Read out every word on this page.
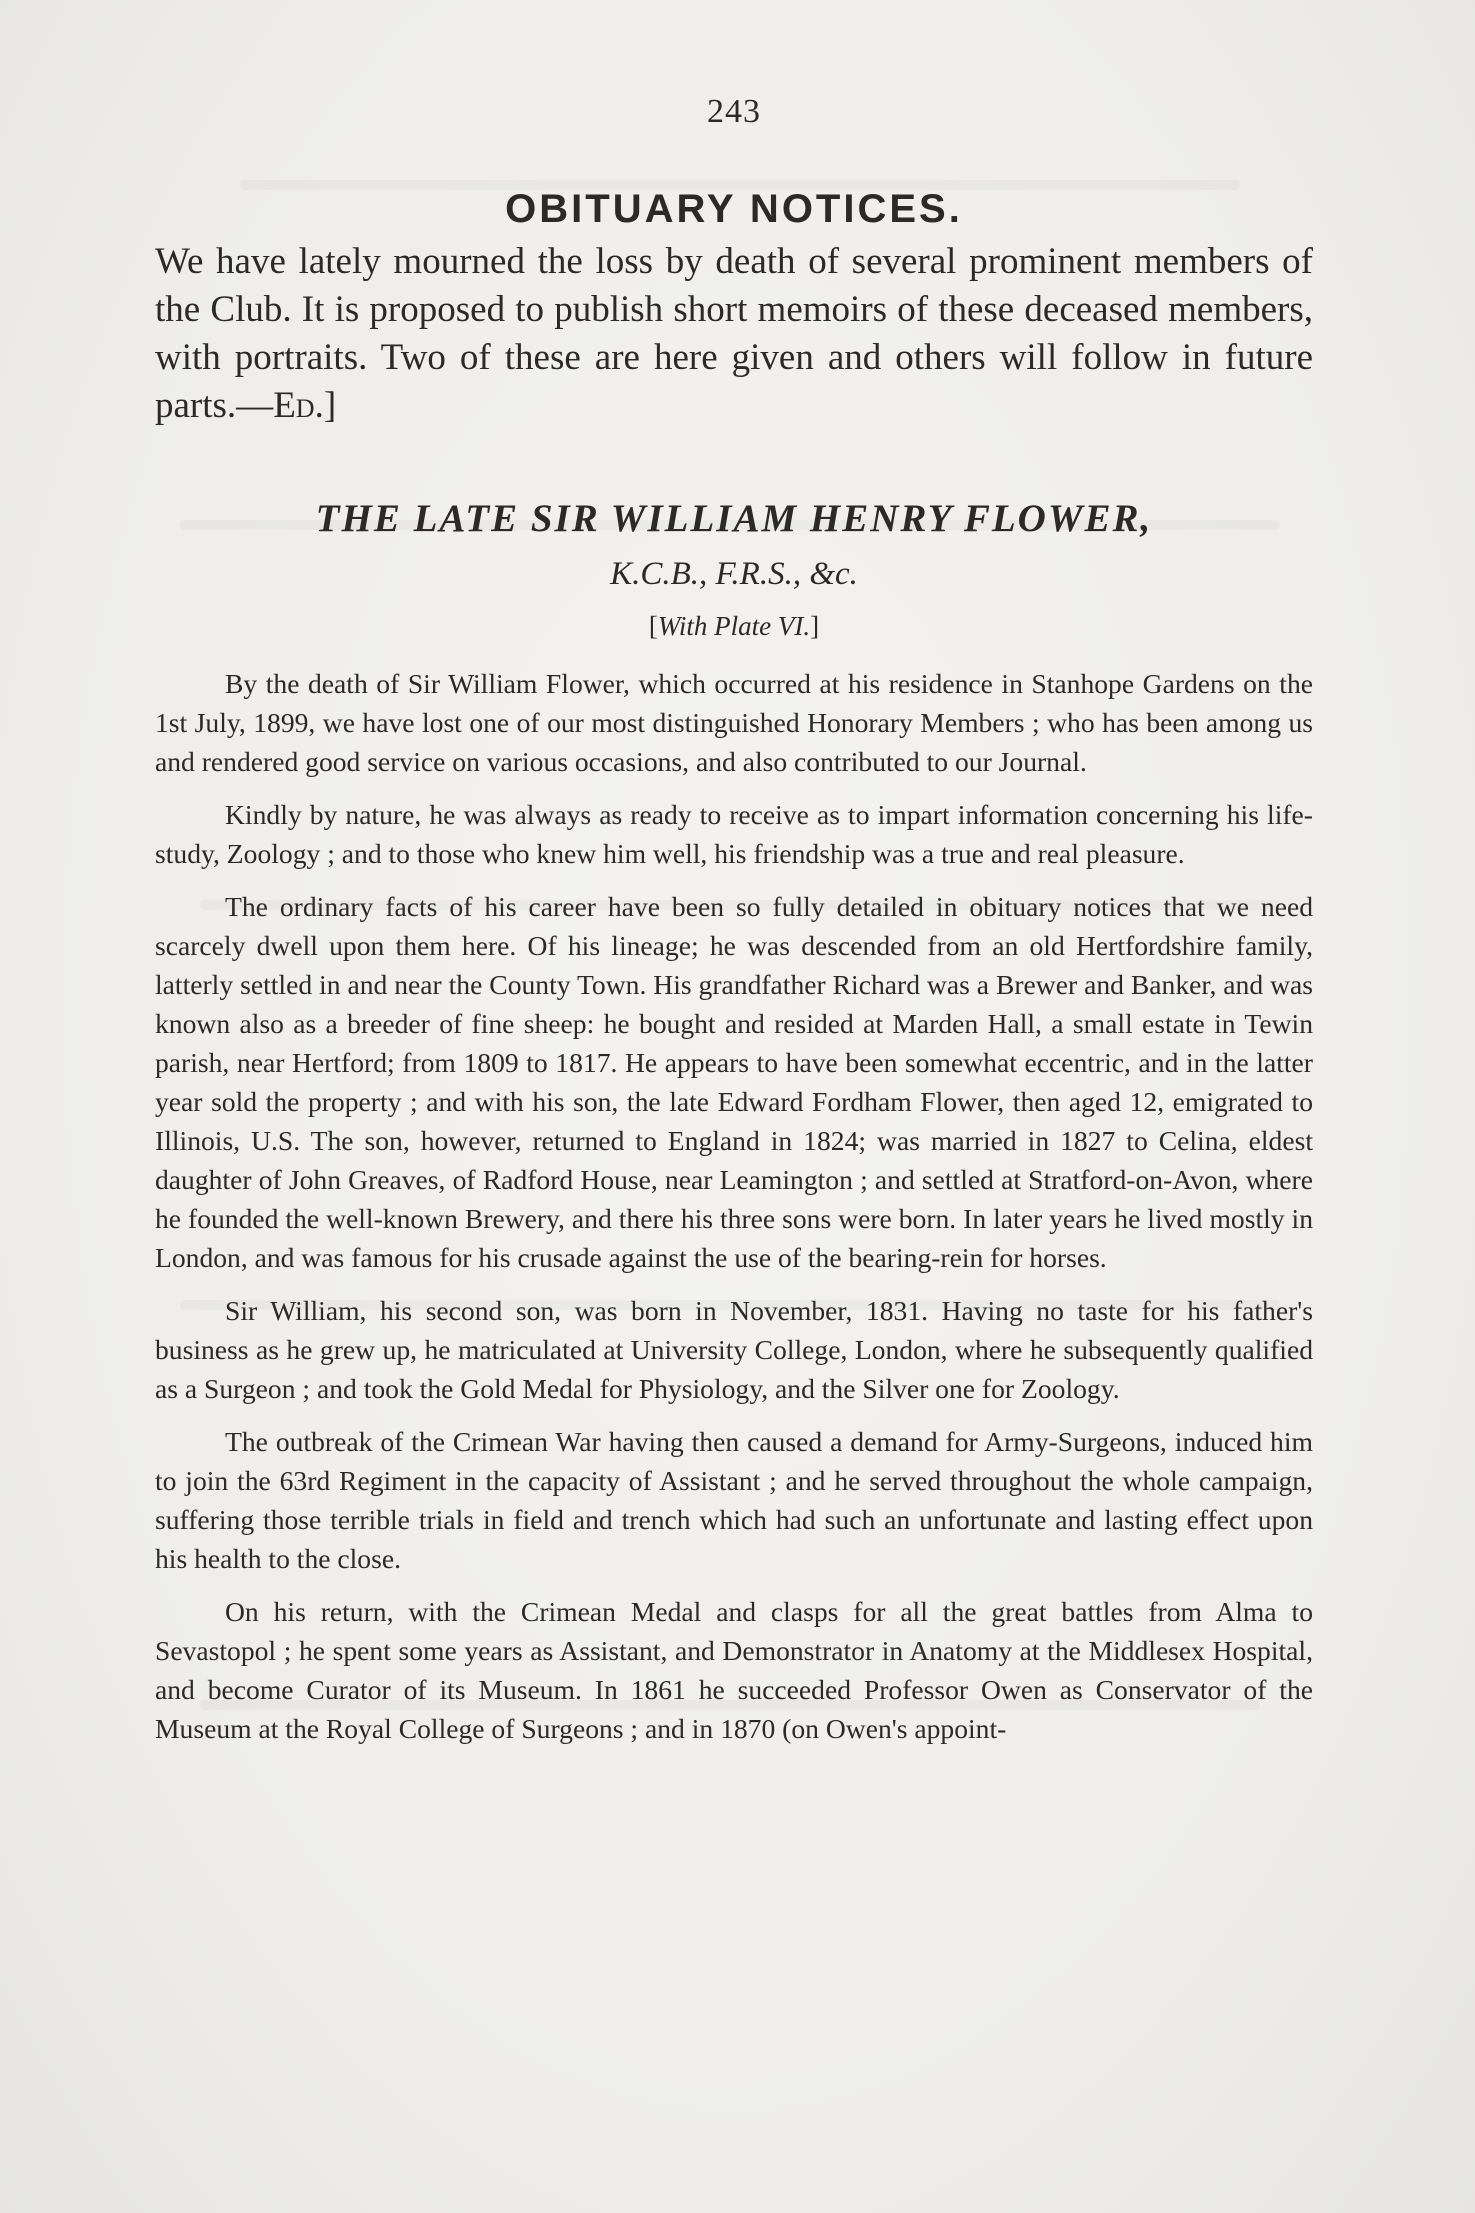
243
OBITUARY NOTICES.

We have lately mourned the loss by death of several prominent members of the Club. It is proposed to publish short memoirs of these deceased members, with portraits. Two of these are here given and others will follow in future parts.—Ed.]

THE LATE SIR WILLIAM HENRY FLOWER,
K.C.B., F.R.S., &c.
[With Plate VI.]

By the death of Sir William Flower, which occurred at his residence in Stanhope Gardens on the 1st July, 1899, we have lost one of our most distinguished Honorary Members ; who has been among us and rendered good service on various occasions, and also contributed to our Journal.

Kindly by nature, he was always as ready to receive as to impart information concerning his life-study, Zoology ; and to those who knew him well, his friendship was a true and real pleasure.

The ordinary facts of his career have been so fully detailed in obituary notices that we need scarcely dwell upon them here. Of his lineage; he was descended from an old Hertfordshire family, latterly settled in and near the County Town. His grandfather Richard was a Brewer and Banker, and was known also as a breeder of fine sheep: he bought and resided at Marden Hall, a small estate in Tewin parish, near Hertford; from 1809 to 1817. He appears to have been somewhat eccentric, and in the latter year sold the property ; and with his son, the late Edward Fordham Flower, then aged 12, emigrated to Illinois, U.S. The son, however, returned to England in 1824; was married in 1827 to Celina, eldest daughter of John Greaves, of Radford House, near Leamington ; and settled at Stratford-on-Avon, where he founded the well-known Brewery, and there his three sons were born. In later years he lived mostly in London, and was famous for his crusade against the use of the bearing-rein for horses.

Sir William, his second son, was born in November, 1831. Having no taste for his father's business as he grew up, he matriculated at University College, London, where he subsequently qualified as a Surgeon ; and took the Gold Medal for Physiology, and the Silver one for Zoology.

The outbreak of the Crimean War having then caused a demand for Army-Surgeons, induced him to join the 63rd Regiment in the capacity of Assistant ; and he served throughout the whole campaign, suffering those terrible trials in field and trench which had such an unfortunate and lasting effect upon his health to the close.

On his return, with the Crimean Medal and clasps for all the great battles from Alma to Sevastopol ; he spent some years as Assistant, and Demonstrator in Anatomy at the Middlesex Hospital, and become Curator of its Museum. In 1861 he succeeded Professor Owen as Conservator of the Museum at the Royal College of Surgeons ; and in 1870 (on Owen's appoint-
